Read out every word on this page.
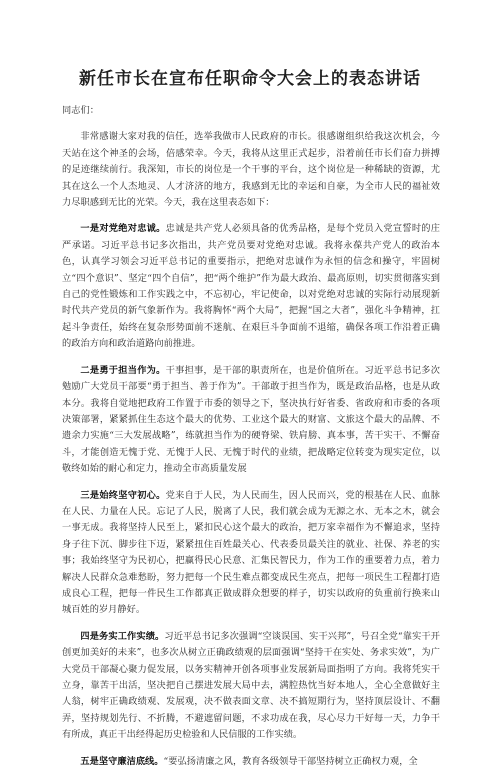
新任市长在宣布任职命令大会上的表态讲话

同志们：

非常感谢大家对我的信任，选举我做市人民政府的市长。很感谢组织给我这次机会，今天站在这个神圣的会场，倍感荣幸。今天，我将从这里正式起步，沿着前任市长们奋力拼搏的足迹继续前行。我深知，市长的岗位是一个干事的平台，这个岗位是一种稀缺的资源，尤其在这么一个人杰地灵、人才济济的地方，我感到无比的幸运和自豪，为全市人民的福祉效力尽职感到无比的光荣。今天，我在这里表态如下：

一是对党绝对忠诚。忠诚是共产党人必须具备的优秀品格，是每个党员入党宣誓时的庄严承诺。习近平总书记多次指出，共产党员要对党绝对忠诚。我将永葆共产党人的政治本色，认真学习领会习近平总书记的重要指示，把绝对忠诚作为永恒的信念和操守，牢固树立“四个意识”、坚定“四个自信”，把“两个维护”作为最大政治、最高原则，切实贯彻落实到自己的党性锻炼和工作实践之中，不忘初心，牢记使命，以对党绝对忠诚的实际行动展现新时代共产党员的新气象新作为。我将胸怀“两个大局”，把握“国之大者”，强化斗争精神，扛起斗争责任，始终在复杂形势面前不迷航、在艰巨斗争面前不退缩，确保各项工作沿着正确的政治方向和政治道路向前推进。

二是勇于担当作为。干事担事，是干部的职责所在，也是价值所在。习近平总书记多次勉励广大党员干部要“勇于担当、善于作为”。干部敢于担当作为，既是政治品格，也是从政本分。我将自觉地把政府工作置于市委的领导之下，坚决执行好省委、省政府和市委的各项决策部署，紧紧抓住生态这个最大的优势、工业这个最大的财富、文旅这个最大的品牌、不遗余力实施“三大发展战略”，练就担当作为的硬脊梁、铁肩膀、真本事，苦干实干、不懈奋斗，才能创造无愧于党、无愧于人民、无愧于时代的业绩，把战略定位转变为现实定位，以敬终如始的耐心和定力，推动全市高质量发展

三是始终坚守初心。党来自于人民，为人民而生，因人民而兴，党的根基在人民、血脉在人民、力量在人民。忘记了人民，脱离了人民，我们就会成为无源之水、无本之木，就会一事无成。我将坚持人民至上，紧扣民心这个最大的政治，把万家幸福作为不懈追求，坚持身子往下沉、脚步往下迈，紧紧扭住百姓最关心、代表委员最关注的就业、社保、养老的实事；我始终坚守为民初心，把赢得民心民意、汇集民智民力，作为工作的重要着力点，着力解决人民群众急难愁盼，努力把每一个民生难点都变成民生亮点，把每一项民生工程都打造成良心工程，把每一件民生工作都真正做成群众想要的样子，切实以政府的负重前行换来山城百姓的岁月静好。

四是务实工作实绩。习近平总书记多次强调“空谈误国、实干兴邦”，号召全党“靠实干开创更加美好的未来”，也多次从树立正确政绩观的层面强调“坚持干在实处、务求实效”，为广大党员干部凝心聚力促发展，以务实精神开创各项事业发展新局面指明了方向。我将凭实干立身，靠苦干出活，坚决把自己摆进发展大局中去，满腔热忱当好本地人，全心全意做好主人翁，树牢正确政绩观、发展观，决不做表面文章、决不搞短期行为，坚持顶层设计、不翻弄，坚持规划先行、不折腾，不避遮留问题，不求功成在我，尽心尽力干好每一天，力争干有所成，真正干出经得起历史检验和人民信服的工作实绩。

五是坚守廉洁底线。“要弘扬清廉之风，教育各级领导干部坚持树立正确权力观，全
